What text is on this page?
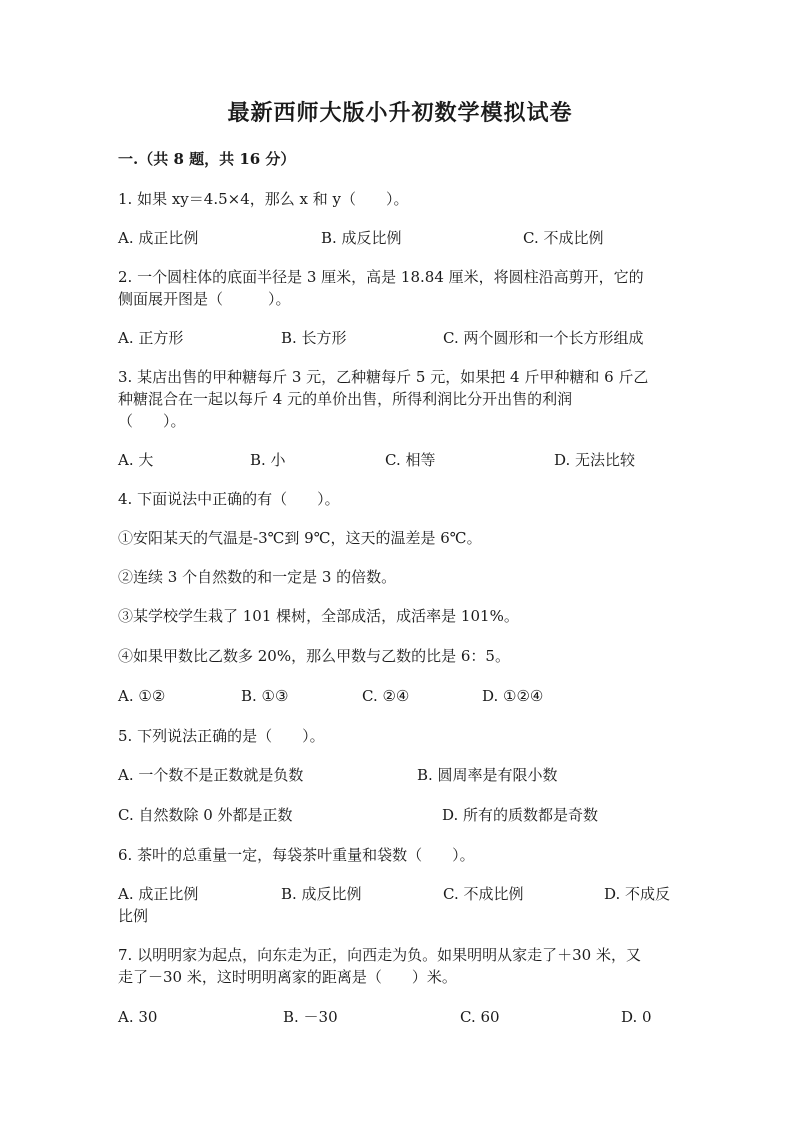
最新西师大版小升初数学模拟试卷
一.（共 8 题，共 16 分）
1. 如果 xy＝4.5×4，那么 x 和 y（　　）。
A. 成正比例	B. 成反比例	C. 不成比例
2. 一个圆柱体的底面半径是 3 厘米，高是 18.84 厘米，将圆柱沿高剪开，它的
侧面展开图是（　　　）。
A. 正方形	B. 长方形	C. 两个圆形和一个长方形组成
3. 某店出售的甲种糖每斤 3 元，乙种糖每斤 5 元，如果把 4 斤甲种糖和 6 斤乙
种糖混合在一起以每斤 4 元的单价出售，所得利润比分开出售的利润
（　　）。
A. 大	B. 小	C. 相等	D. 无法比较
4. 下面说法中正确的有（　　）。
①安阳某天的气温是-3℃到 9℃，这天的温差是 6℃。
②连续 3 个自然数的和一定是 3 的倍数。
③某学校学生栽了 101 棵树，全部成活，成活率是 101%。
④如果甲数比乙数多 20%，那么甲数与乙数的比是 6：5。
A. ①②	B. ①③	C. ②④	D. ①②④
5. 下列说法正确的是（　　）。
A. 一个数不是正数就是负数	B. 圆周率是有限小数
C. 自然数除 0 外都是正数	D. 所有的质数都是奇数
6. 茶叶的总重量一定，每袋茶叶重量和袋数（　　）。
A. 成正比例	B. 成反比例	C. 不成比例	D. 不成反
比例
7. 以明明家为起点，向东走为正，向西走为负。如果明明从家走了＋30 米，又
走了－30 米，这时明明离家的距离是（　　）米。
A. 30	B. －30	C. 60	D. 0
